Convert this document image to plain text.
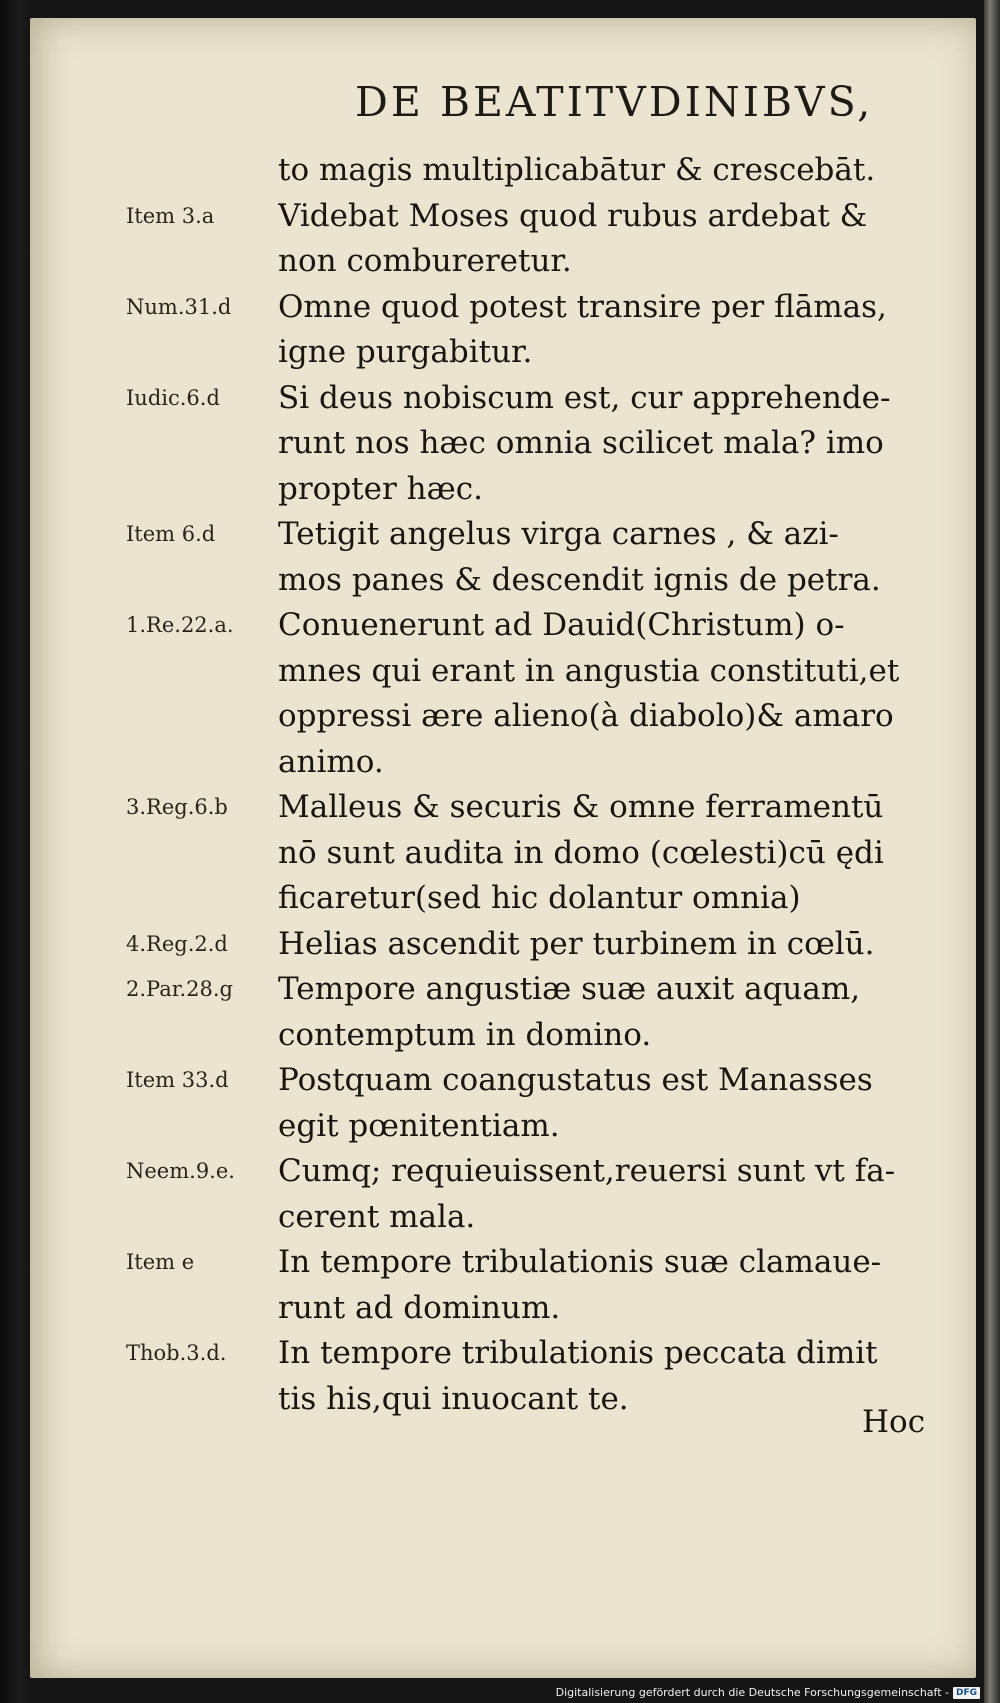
DE BEATITVDINIBVS,
to magis multiplicabātur & crescebāt.
Item 3.a	Videbat Moses quod rubus ardebat &
non combureretur.
Num.31.d	Omne quod potest transire per flāmas,
igne purgabitur.
Iudic.6.d	Si deus nobiscum est, cur apprehende-
runt nos hæc omnia scilicet mala? imo
propter hæc.
Item 6.d	Tetigit angelus virga carnes , & azi-
mos panes & descendit ignis de petra.
1.Re.22.a.	Conuenerunt ad Dauid(Christum) o-
mnes qui erant in angustia constituti,et
oppressi ære alieno(à diabolo)& amaro
animo.
3.Reg.6.b	Malleus & securis & omne ferramentū
nō sunt audita in domo (cœlesti)cū ędi
ficaretur(sed hic dolantur omnia)
4.Reg.2.d	Helias ascendit per turbinem in cœlū.
2.Par.28.g	Tempore angustiæ suæ auxit aquam,
contemptum in domino.
Item 33.d	Postquam coangustatus est Manasses
egit pœnitentiam.
Neem.9.e.	Cumq; requieuissent,reuersi sunt vt fa-
cerent mala.
Item e	In tempore tribulationis suæ clamaue-
runt ad dominum.
Thob.3.d.	In tempore tribulationis peccata dimit
tis his,qui inuocant te.
Hoc
Digitalisierung gefördert durch die Deutsche Forschungsgemeinschaft - DFG
